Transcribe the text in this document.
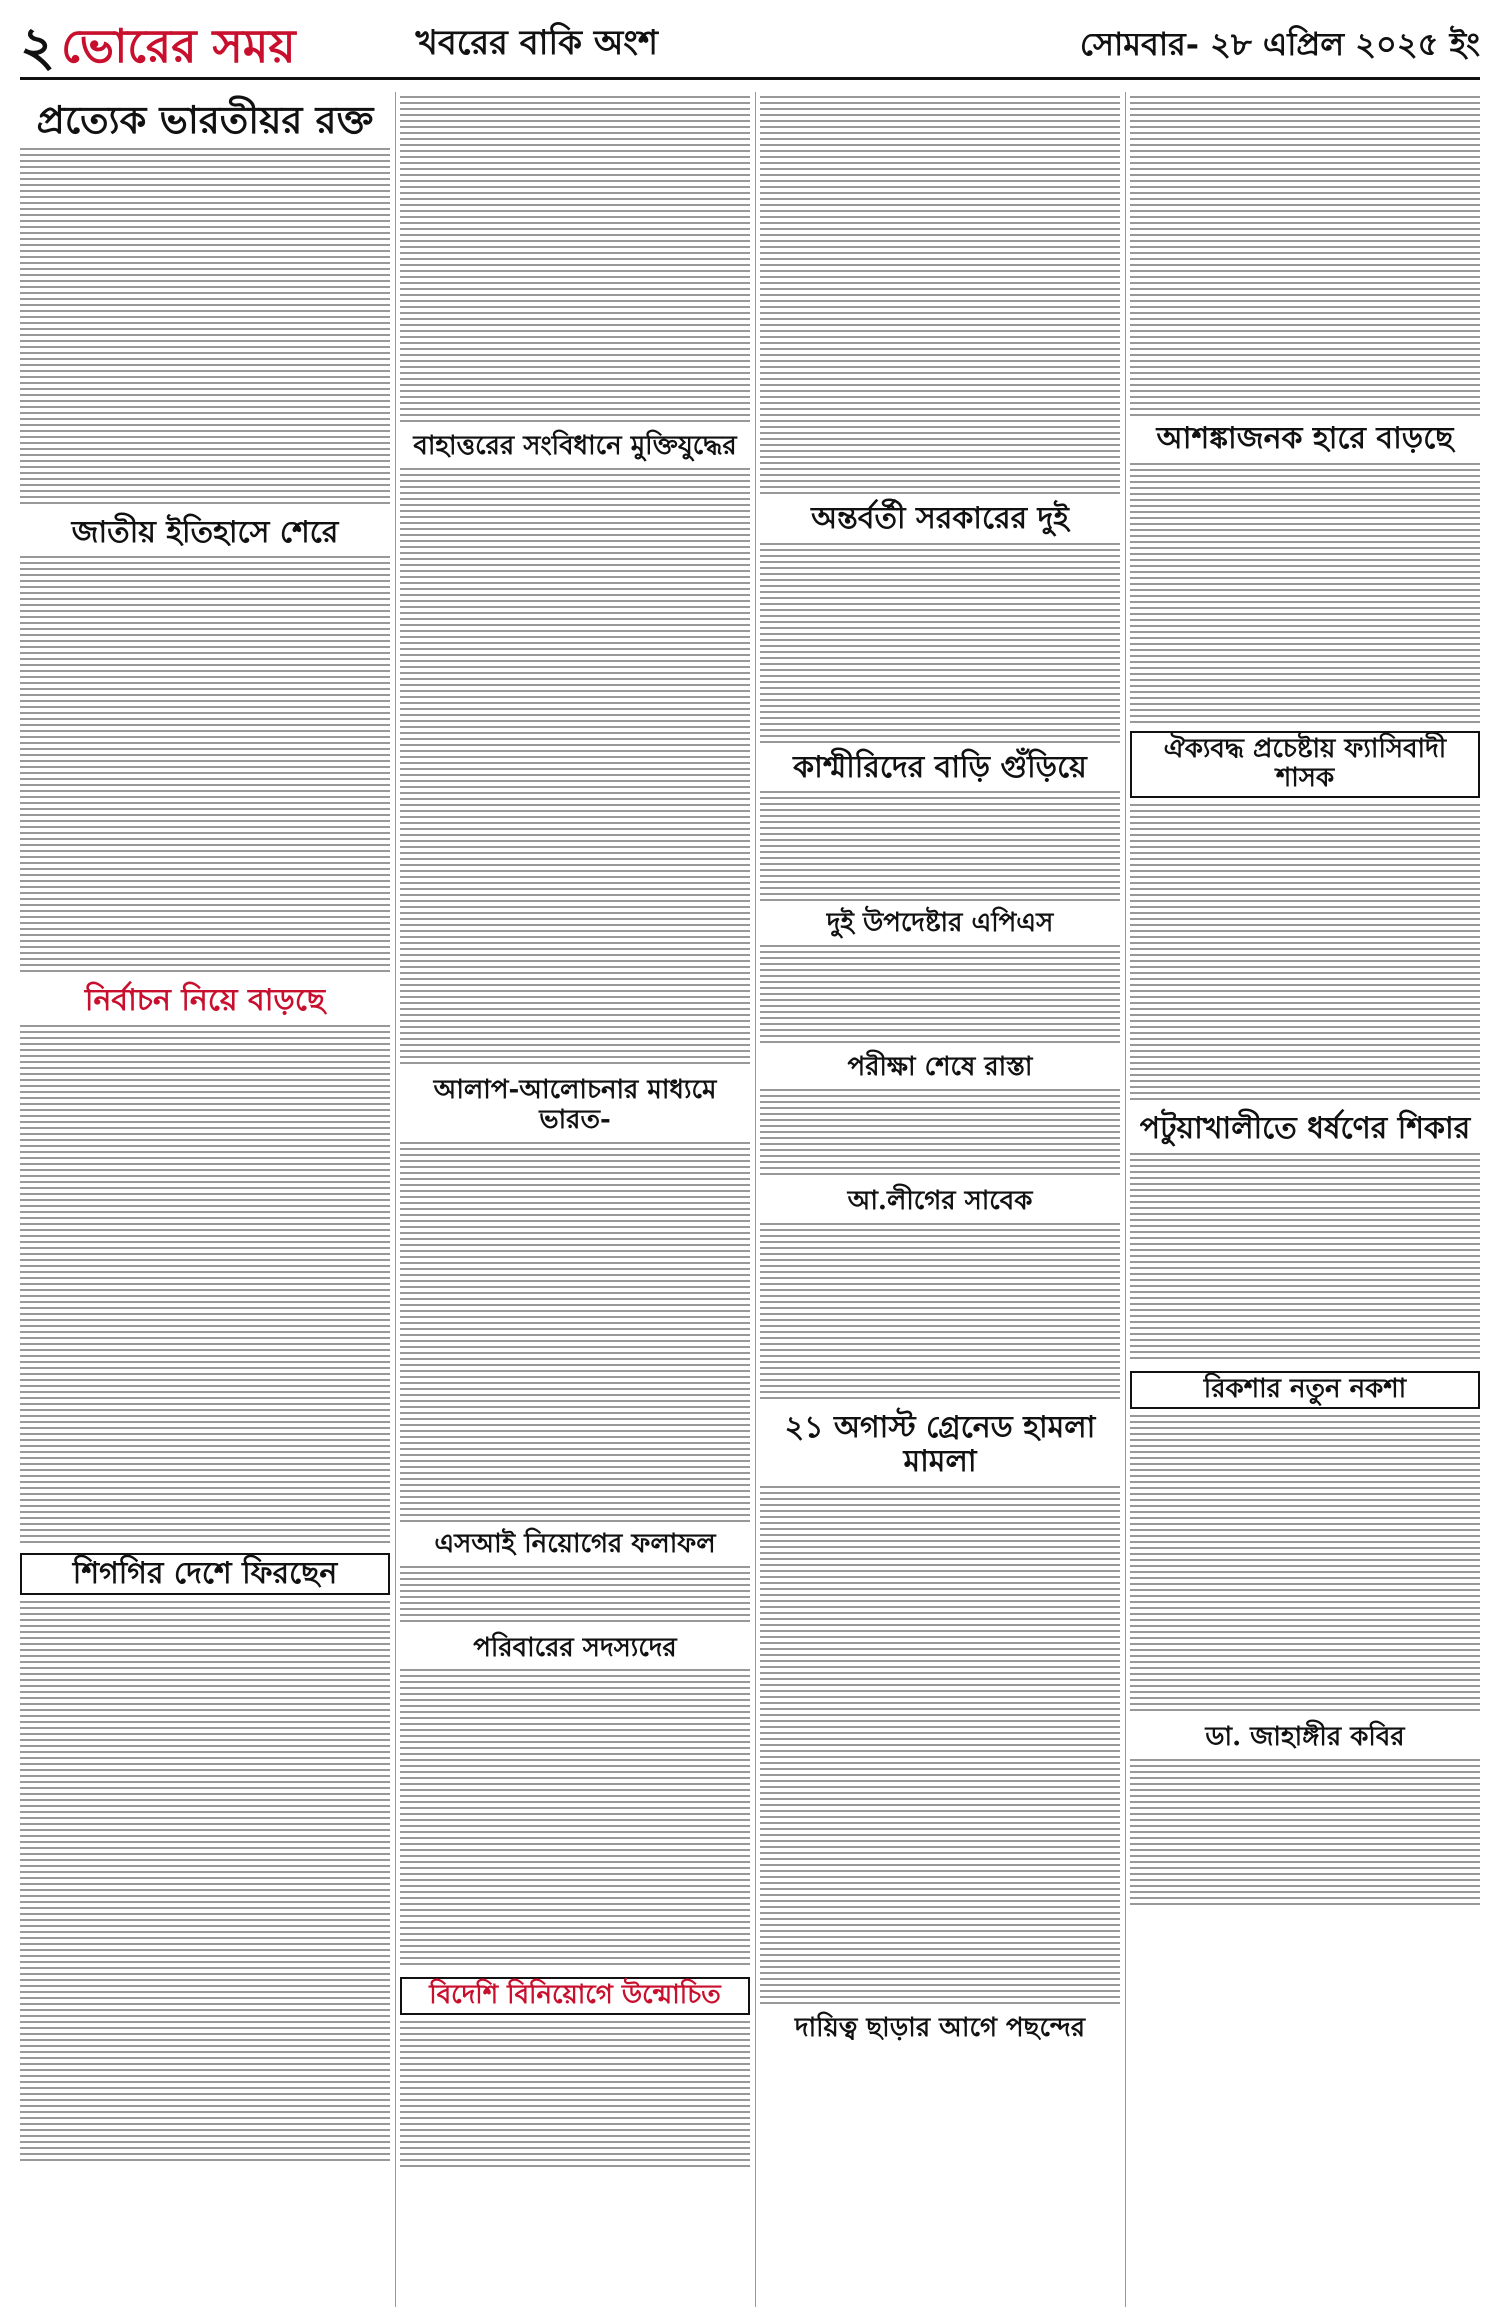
২ ভোরের সময়	খবরের বাকি অংশ	সোমবার- ২৮ এপ্রিল ২০২৫ ইং
প্রত্যেক ভারতীয়র রক্ত
জাতীয় ইতিহাসে শেরে
নির্বাচন নিয়ে বাড়ছে
শিগগির দেশে ফিরছেন
বাহাত্তরের সংবিধানে মুক্তিযুদ্ধের
আলাপ-আলোচনার মাধ্যমে ভারত-
এসআই নিয়োগের ফলাফল
পরিবারের সদস্যদের
বিদেশি বিনিয়োগে উন্মোচিত
অন্তর্বর্তী সরকারের দুই
কাশ্মীরিদের বাড়ি গুঁড়িয়ে
দুই উপদেষ্টার এপিএস
পরীক্ষা শেষে রাস্তা
আ.লীগের সাবেক
২১ অগাস্ট গ্রেনেড হামলা মামলা
দায়িত্ব ছাড়ার আগে পছন্দের
আশঙ্কাজনক হারে বাড়ছে
ঐক্যবদ্ধ প্রচেষ্টায় ফ্যাসিবাদী শাসক
পটুয়াখালীতে ধর্ষণের শিকার
রিকশার নতুন নকশা
ডা. জাহাঙ্গীর কবির
